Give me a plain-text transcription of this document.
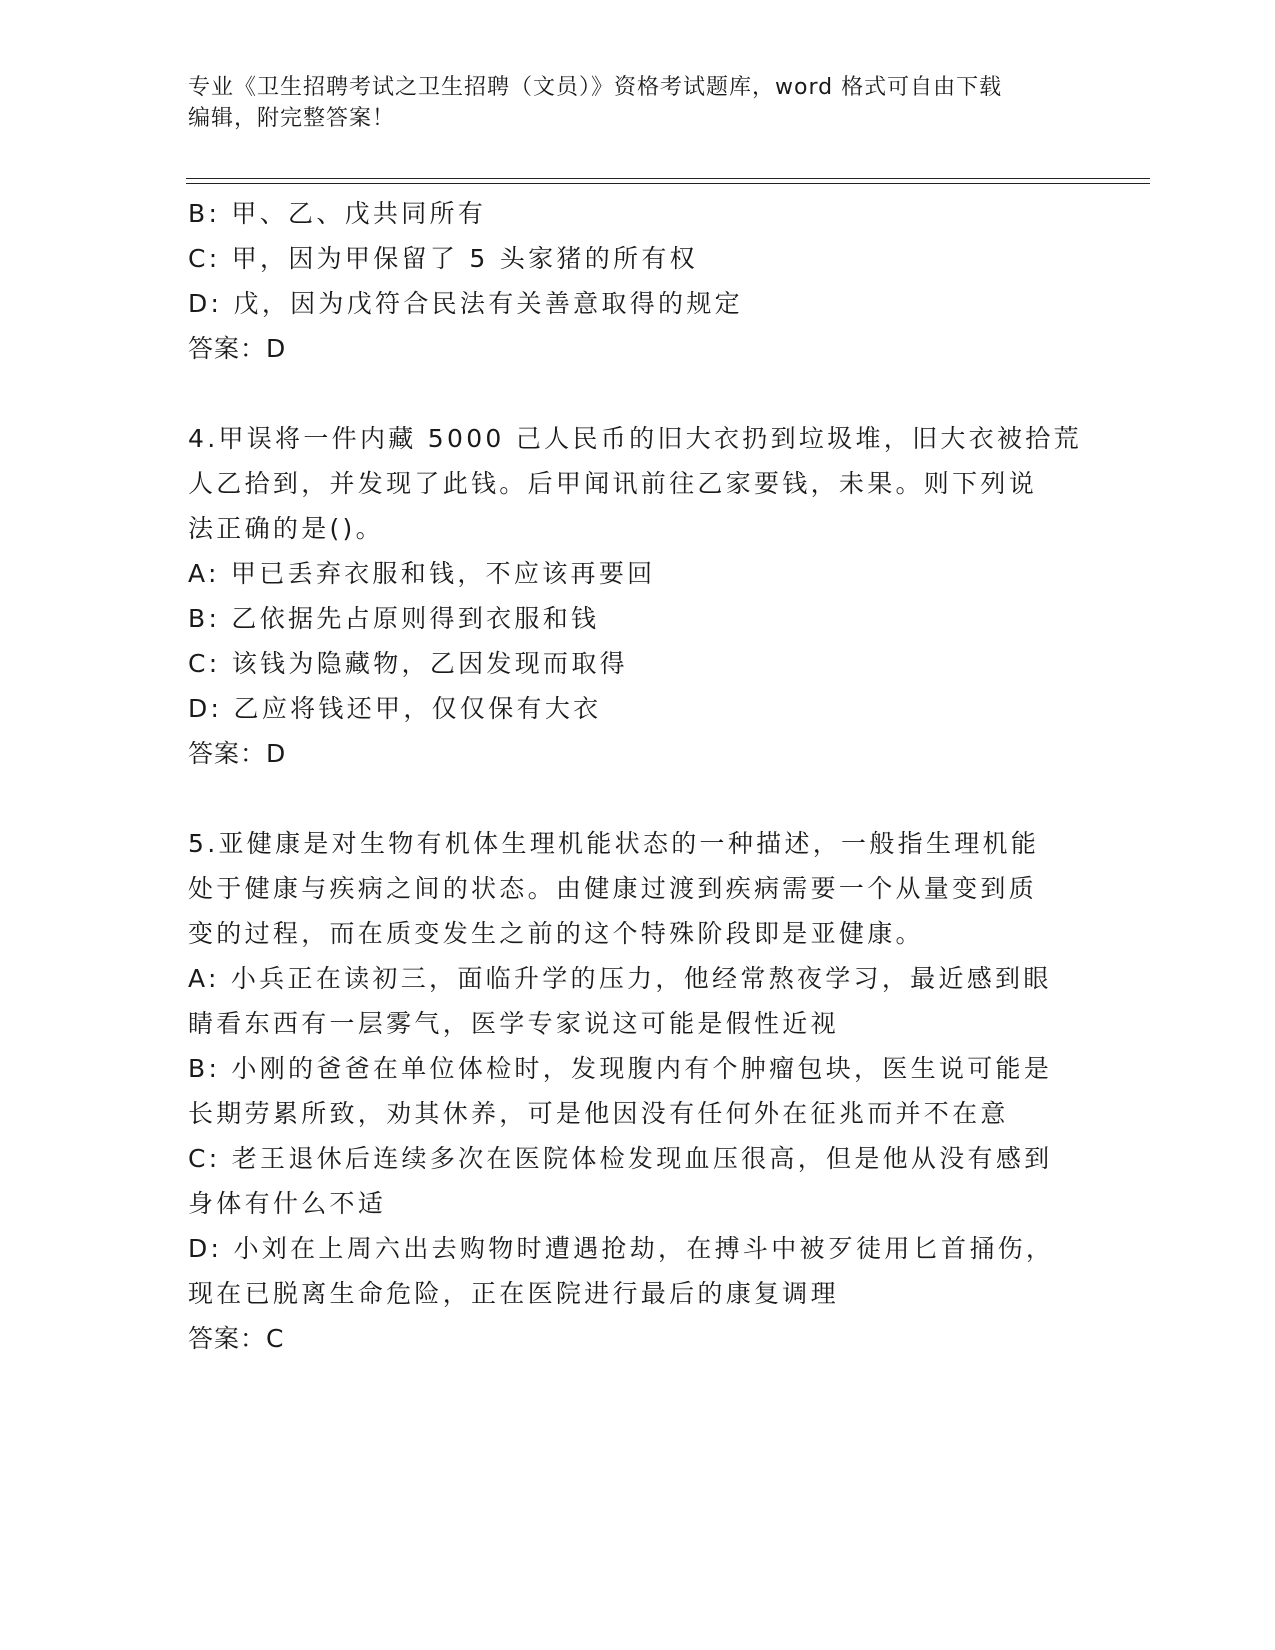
专业《卫生招聘考试之卫生招聘（文员）》资格考试题库，word 格式可自由下载
编辑，附完整答案！
B: 甲、乙、戊共同所有
C: 甲，因为甲保留了 5 头家猪的所有权
D: 戊，因为戊符合民法有关善意取得的规定
答案：D
4.甲误将一件内藏 5000 己人民币的旧大衣扔到垃圾堆，旧大衣被拾荒
人乙拾到，并发现了此钱。后甲闻讯前往乙家要钱，未果。则下列说
法正确的是()。
A: 甲已丢弃衣服和钱，不应该再要回
B: 乙依据先占原则得到衣服和钱
C: 该钱为隐藏物，乙因发现而取得
D: 乙应将钱还甲，仅仅保有大衣
答案：D
5.亚健康是对生物有机体生理机能状态的一种描述，一般指生理机能
处于健康与疾病之间的状态。由健康过渡到疾病需要一个从量变到质
变的过程，而在质变发生之前的这个特殊阶段即是亚健康。
A: 小兵正在读初三，面临升学的压力，他经常熬夜学习，最近感到眼
睛看东西有一层雾气，医学专家说这可能是假性近视
B: 小刚的爸爸在单位体检时，发现腹内有个肿瘤包块，医生说可能是
长期劳累所致，劝其休养，可是他因没有任何外在征兆而并不在意
C: 老王退休后连续多次在医院体检发现血压很高，但是他从没有感到
身体有什么不适
D: 小刘在上周六出去购物时遭遇抢劫，在搏斗中被歹徒用匕首捅伤，
现在已脱离生命危险，正在医院进行最后的康复调理
答案：C
